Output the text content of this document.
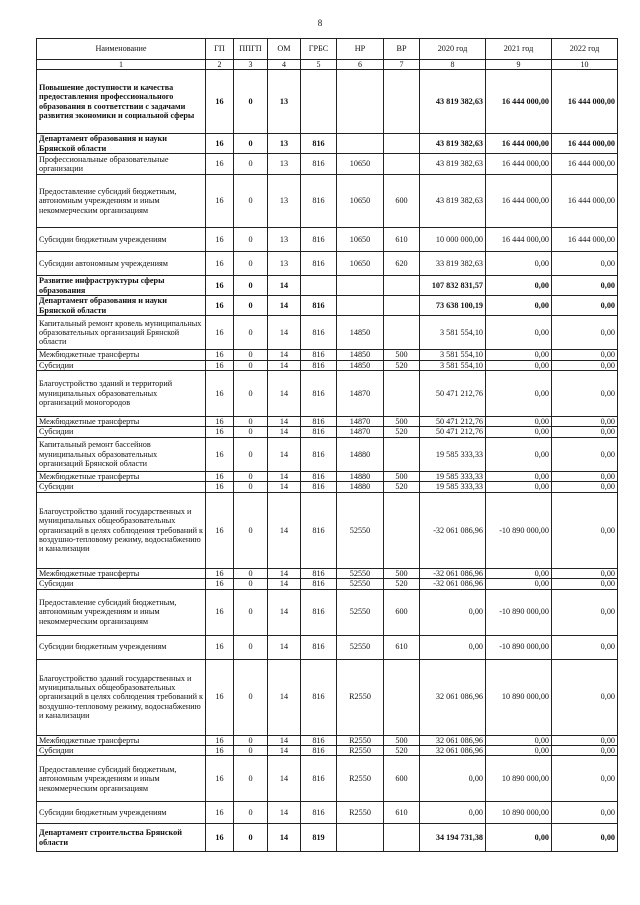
8
Наименование	ГП	ППГП	ОМ	ГРБС	НР	ВР	2020 год	2021 год	2022 год
1	2	3	4	5	6	7	8	9	10
Повышение доступности и качества предоставления профессионального образования в соответствии с задачами развития экономики и социальной сферы	16	0	13				43 819 382,63	16 444 000,00	16 444 000,00
Департамент образования и науки Брянской области	16	0	13	816			43 819 382,63	16 444 000,00	16 444 000,00
Профессиональные образовательные организации	16	0	13	816	10650		43 819 382,63	16 444 000,00	16 444 000,00
Предоставление субсидий бюджетным, автономным учреждениям и иным некоммерческим организациям	16	0	13	816	10650	600	43 819 382,63	16 444 000,00	16 444 000,00
Субсидии бюджетным учреждениям	16	0	13	816	10650	610	10 000 000,00	16 444 000,00	16 444 000,00
Субсидии автономным учреждениям	16	0	13	816	10650	620	33 819 382,63	0,00	0,00
Развитие инфраструктуры сферы образования	16	0	14				107 832 831,57	0,00	0,00
Департамент образования и науки Брянской области	16	0	14	816			73 638 100,19	0,00	0,00
Капитальный ремонт кровель муниципальных образовательных организаций Брянской области	16	0	14	816	14850		3 581 554,10	0,00	0,00
Межбюджетные трансферты	16	0	14	816	14850	500	3 581 554,10	0,00	0,00
Субсидии	16	0	14	816	14850	520	3 581 554,10	0,00	0,00
Благоустройство зданий и территорий муниципальных образовательных организаций моногородов	16	0	14	816	14870		50 471 212,76	0,00	0,00
Межбюджетные трансферты	16	0	14	816	14870	500	50 471 212,76	0,00	0,00
Субсидии	16	0	14	816	14870	520	50 471 212,76	0,00	0,00
Капитальный ремонт бассейнов муниципальных образовательных организаций Брянской области	16	0	14	816	14880		19 585 333,33	0,00	0,00
Межбюджетные трансферты	16	0	14	816	14880	500	19 585 333,33	0,00	0,00
Субсидии	16	0	14	816	14880	520	19 585 333,33	0,00	0,00
Благоустройство зданий государственных и муниципальных общеобразовательных организаций в целях соблюдения требований к воздушно-тепловому режиму, водоснабжению и канализации	16	0	14	816	52550		-32 061 086,96	-10 890 000,00	0,00
Межбюджетные трансферты	16	0	14	816	52550	500	-32 061 086,96	0,00	0,00
Субсидии	16	0	14	816	52550	520	-32 061 086,96	0,00	0,00
Предоставление субсидий бюджетным, автономным учреждениям и иным некоммерческим организациям	16	0	14	816	52550	600	0,00	-10 890 000,00	0,00
Субсидии бюджетным учреждениям	16	0	14	816	52550	610	0,00	-10 890 000,00	0,00
Благоустройство зданий государственных и муниципальных общеобразовательных организаций в целях соблюдения требований к воздушно-тепловому режиму, водоснабжению и канализации	16	0	14	816	R2550		32 061 086,96	10 890 000,00	0,00
Межбюджетные трансферты	16	0	14	816	R2550	500	32 061 086,96	0,00	0,00
Субсидии	16	0	14	816	R2550	520	32 061 086,96	0,00	0,00
Предоставление субсидий бюджетным, автономным учреждениям и иным некоммерческим организациям	16	0	14	816	R2550	600	0,00	10 890 000,00	0,00
Субсидии бюджетным учреждениям	16	0	14	816	R2550	610	0,00	10 890 000,00	0,00
Департамент строительства Брянской области	16	0	14	819			34 194 731,38	0,00	0,00
